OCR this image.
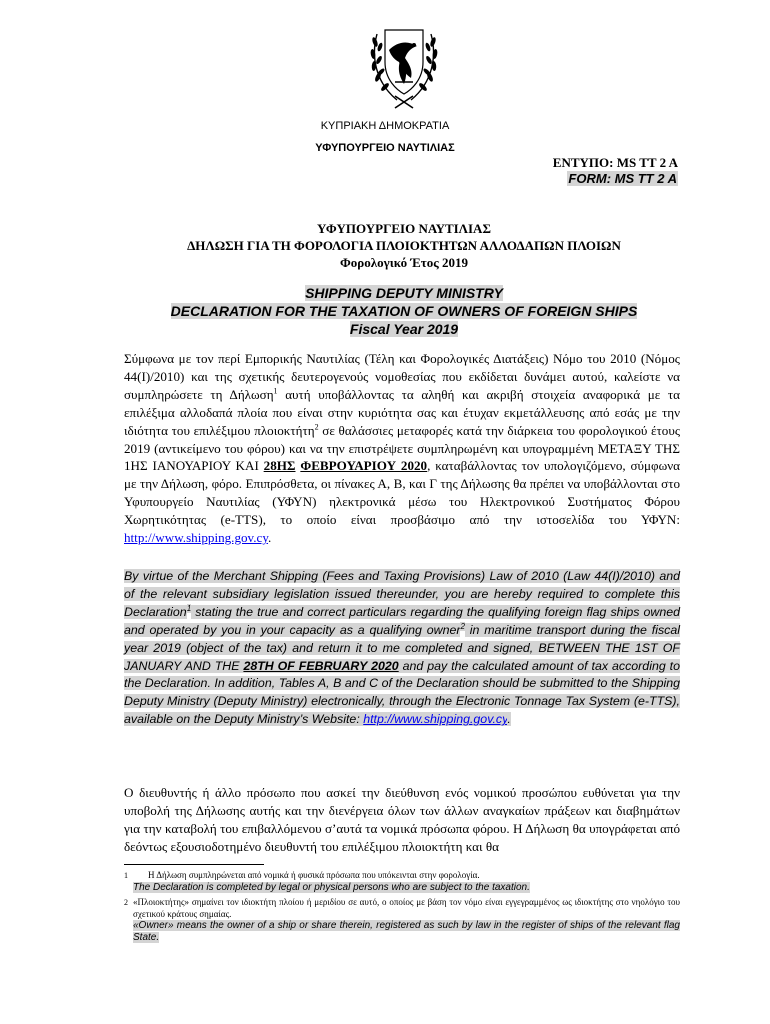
ΚΥΠΡΙΑΚΗ ΔΗΜΟΚΡΑΤΙΑ
ΥΦΥΠΟΥΡΓΕΙΟ ΝΑΥΤΙΛΙΑΣ
ΕΝΤΥΠΟ: MS TT 2 A
FORM: MS TT 2 A
ΥΦΥΠΟΥΡΓΕΙΟ ΝΑΥΤΙΛΙΑΣ
ΔΗΛΩΣΗ ΓΙΑ ΤΗ ΦΟΡΟΛΟΓΙΑ ΠΛΟΙΟΚΤΗΤΩΝ ΑΛΛΟΔΑΠΩΝ ΠΛΟΙΩΝ
Φορολογικό Έτος 2019
SHIPPING DEPUTY MINISTRY
DECLARATION FOR THE TAXATION OF OWNERS OF FOREIGN SHIPS
Fiscal Year 2019
Σύμφωνα με τον περί Εμπορικής Ναυτιλίας (Τέλη και Φορολογικές Διατάξεις) Νόμο του 2010 (Νόμος 44(Ι)/2010) και της σχετικής δευτερογενούς νομοθεσίας που εκδίδεται δυνάμει αυτού, καλείστε να συμπληρώσετε τη Δήλωση$^1$ αυτή υποβάλλοντας τα αληθή και ακριβή στοιχεία αναφορικά με τα επιλέξιμα αλλοδαπά πλοία που είναι στην κυριότητα σας και έτυχαν εκμετάλλευσης από εσάς με την ιδιότητα του επιλέξιμου πλοιοκτήτη$^2$ σε θαλάσσιες μεταφορές κατά την διάρκεια του φορολογικού έτους 2019 (αντικείμενο του φόρου) και να την επιστρέψετε συμπληρωμένη και υπογραμμένη ΜΕΤΑΞΥ ΤΗΣ 1ΗΣ ΙΑΝΟΥΑΡΙΟΥ ΚΑΙ 28ΗΣ ΦΕΒΡΟΥΑΡΙΟΥ 2020, καταβάλλοντας τον υπολογιζόμενο, σύμφωνα με την Δήλωση, φόρο. Επιπρόσθετα, οι πίνακες Α, Β, και Γ της Δήλωσης θα πρέπει να υποβάλλονται στο Υφυπουργείο Ναυτιλίας (ΥΦΥΝ) ηλεκτρονικά μέσω του Ηλεκτρονικού Συστήματος Φόρου Χωρητικότητας (e-TTS), το οποίο είναι προσβάσιμο από την ιστοσελίδα του ΥΦΥΝ: http://www.shipping.gov.cy.
By virtue of the Merchant Shipping (Fees and Taxing Provisions) Law of 2010 (Law 44(I)/2010) and of the relevant subsidiary legislation issued thereunder, you are hereby required to complete this Declaration$^1$ stating the true and correct particulars regarding the qualifying foreign flag ships owned and operated by you in your capacity as a qualifying owner$^2$ in maritime transport during the fiscal year 2019 (object of the tax) and return it to me completed and signed, BETWEEN THE 1ST OF JANUARY AND THE 28TH OF FEBRUARY 2020 and pay the calculated amount of tax according to the Declaration. In addition, Tables A, B and C of the Declaration should be submitted to the Shipping Deputy Ministry (Deputy Ministry) electronically, through the Electronic Tonnage Tax System (e-TTS), available on the Deputy Ministry’s Website: http://www.shipping.gov.cy.
Ο διευθυντής ή άλλο πρόσωπο που ασκεί την διεύθυνση ενός νομικού προσώπου ευθύνεται για την υποβολή της Δήλωσης αυτής και την διενέργεια όλων των άλλων αναγκαίων πράξεων και διαβημάτων για την καταβολή του επιβαλλόμενου σ’αυτά τα νομικά πρόσωπα φόρου. Η Δήλωση θα υπογράφεται από δεόντως εξουσιοδοτημένο διευθυντή του επιλέξιμου πλοιοκτήτη και θα
1 Η Δήλωση συμπληρώνεται από νομικά ή φυσικά πρόσωπα που υπόκεινται στην φορολογία.
The Declaration is completed by legal or physical persons who are subject to the taxation.
2 «Πλοιοκτήτης» σημαίνει τον ιδιοκτήτη πλοίου ή μεριδίου σε αυτό, ο οποίος με βάση τον νόμο είναι εγγεγραμμένος ως ιδιοκτήτης στο νηολόγιο του σχετικού κράτους σημαίας.
«Owner» means the owner of a ship or share therein, registered as such by law in the register of ships of the relevant flag State.
